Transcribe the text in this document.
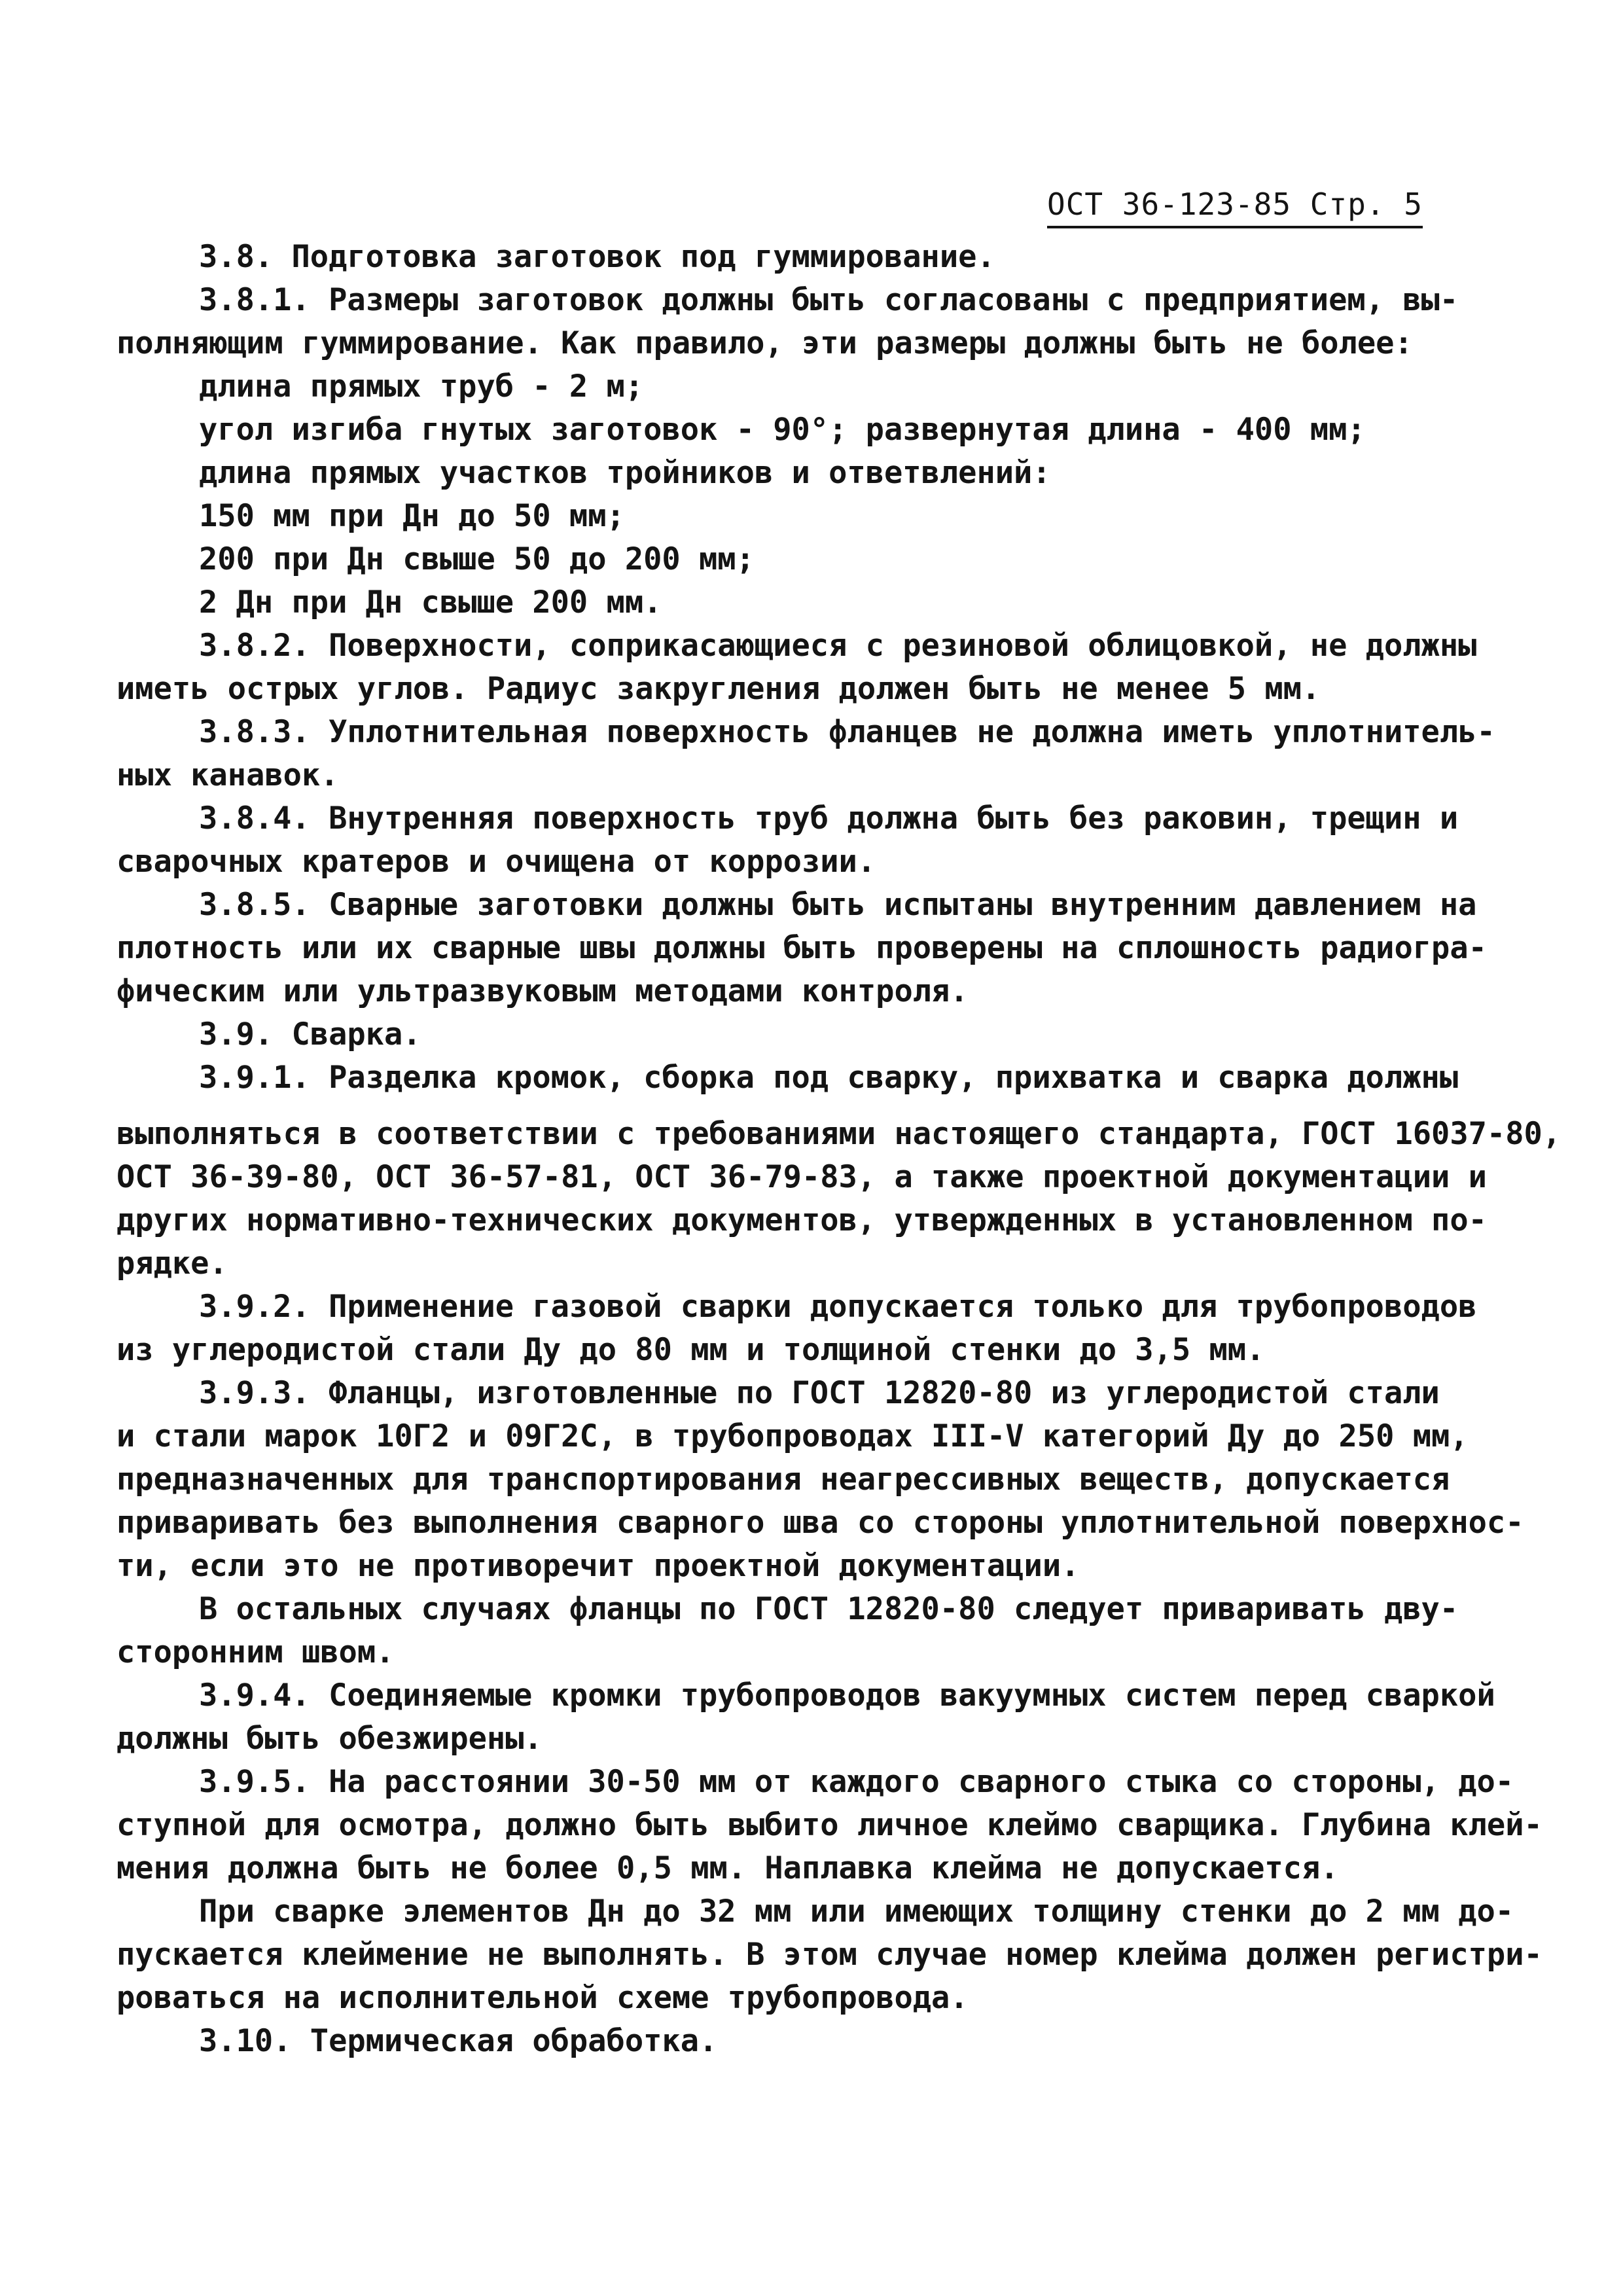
ОСТ 36-123-85 Стр. 5
3.8. Подготовка заготовок под гуммирование.
3.8.1. Размеры заготовок должны быть согласованы с предприятием, вы-
полняющим гуммирование. Как правило, эти размеры должны быть не более:
длина прямых труб - 2 м;
угол изгиба гнутых заготовок - 90°; развернутая длина - 400 мм;
длина прямых участков тройников и ответвлений:
150 мм при Дн до 50 мм;
200 при Дн свыше 50 до 200 мм;
2 Дн при Дн свыше 200 мм.
3.8.2. Поверхности, соприкасающиеся с резиновой облицовкой, не должны
иметь острых углов. Радиус закругления должен быть не менее 5 мм.
3.8.3. Уплотнительная поверхность фланцев не должна иметь уплотнитель-
ных канавок.
3.8.4. Внутренняя поверхность труб должна быть без раковин, трещин и
сварочных кратеров и очищена от коррозии.
3.8.5. Сварные заготовки должны быть испытаны внутренним давлением на
плотность или их сварные швы должны быть проверены на сплошность радиогра-
фическим или ультразвуковым методами контроля.
3.9. Сварка.
3.9.1. Разделка кромок, сборка под сварку, прихватка и сварка должны
выполняться в соответствии с требованиями настоящего стандарта, ГОСТ 16037-80,
ОСТ 36-39-80, ОСТ 36-57-81, ОСТ 36-79-83, а также проектной документации и
других нормативно-технических документов, утвержденных в установленном по-
рядке.
3.9.2. Применение газовой сварки допускается только для трубопроводов
из углеродистой стали Ду до 80 мм и толщиной стенки до 3,5 мм.
3.9.3. Фланцы, изготовленные по ГОСТ 12820-80 из углеродистой стали
и стали марок 10Г2 и 09Г2С, в трубопроводах III-V категорий Ду до 250 мм,
предназначенных для транспортирования неагрессивных веществ, допускается
приваривать без выполнения сварного шва со стороны уплотнительной поверхнос-
ти, если это не противоречит проектной документации.
В остальных случаях фланцы по ГОСТ 12820-80 следует приваривать дву-
сторонним швом.
3.9.4. Соединяемые кромки трубопроводов вакуумных систем перед сваркой
должны быть обезжирены.
3.9.5. На расстоянии 30-50 мм от каждого сварного стыка со стороны, до-
ступной для осмотра, должно быть выбито личное клеймо сварщика. Глубина клей-
мения должна быть не более 0,5 мм. Наплавка клейма не допускается.
При сварке элементов Дн до 32 мм или имеющих толщину стенки до 2 мм до-
пускается клеймение не выполнять. В этом случае номер клейма должен регистри-
роваться на исполнительной схеме трубопровода.
3.10. Термическая обработка.
